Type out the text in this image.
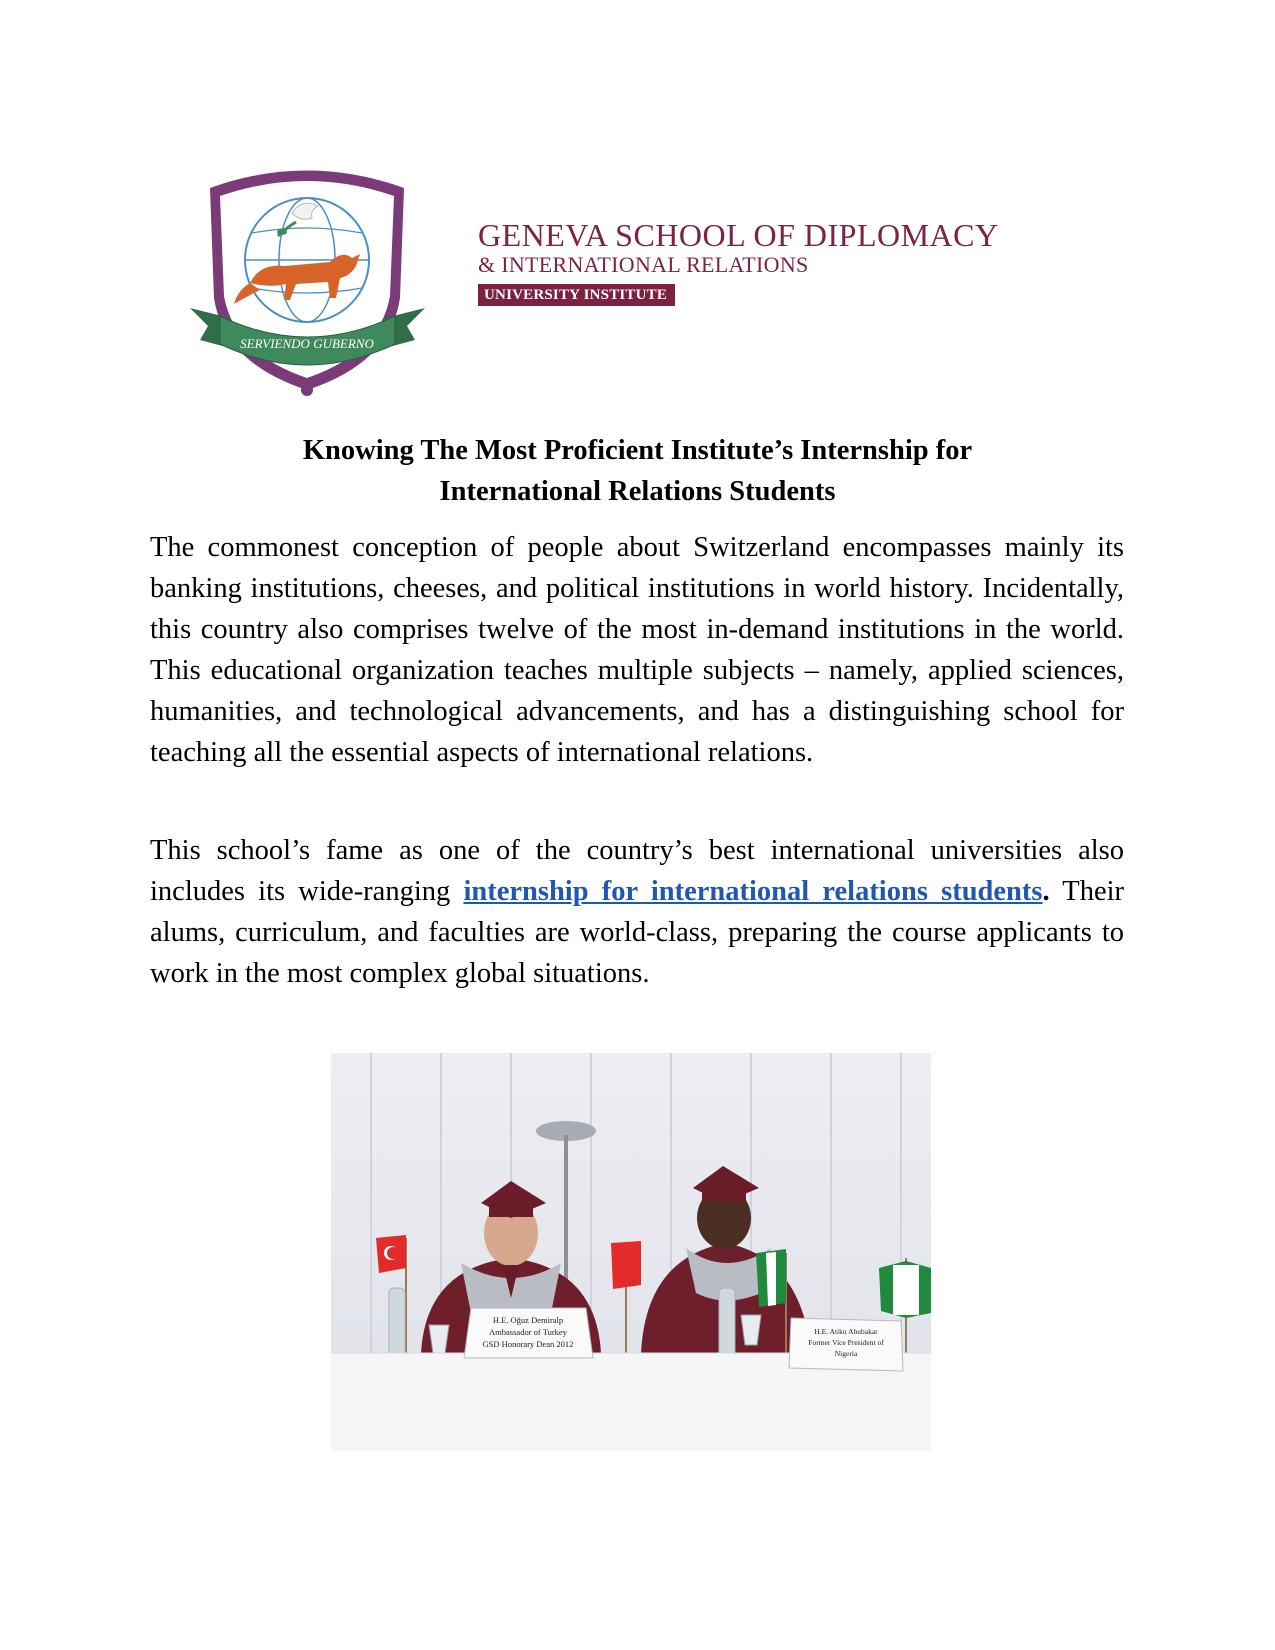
SERVIENDO GUBERNO
GENEVA SCHOOL OF DIPLOMACY
& INTERNATIONAL RELATIONS
UNIVERSITY INSTITUTE
Knowing The Most Proficient Institute’s Internship for
International Relations Students

The commonest conception of people about Switzerland encompasses mainly its banking institutions, cheeses, and political institutions in world history. Incidentally, this country also comprises twelve of the most in-demand institutions in the world. This educational organization teaches multiple subjects – namely, applied sciences, humanities, and technological advancements, and has a distinguishing school for teaching all the essential aspects of international relations.

This school’s fame as one of the country’s best international universities also includes its wide-ranging internship for international relations students. Their alums, curriculum, and faculties are world-class, preparing the course applicants to work in the most complex global situations.

H.E. Oğuz Demiralp
Ambassador of Turkey
GSD Honorary Dean 2012
H.E. Atiku Abubakar
Former Vice President of
Nigeria
